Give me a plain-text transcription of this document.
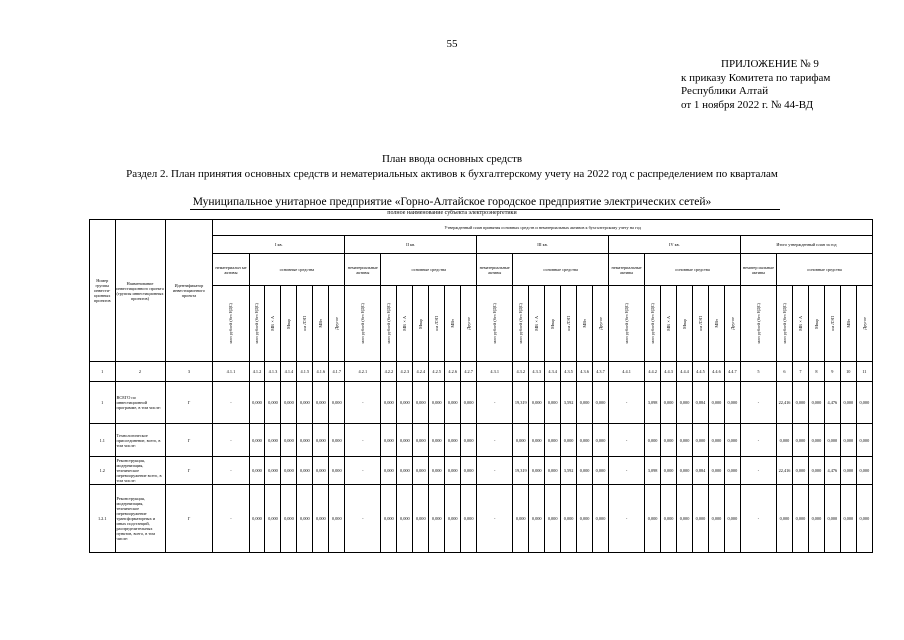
55
ПРИЛОЖЕНИЕ № 9
к приказу Комитета по тарифам
Республики Алтай
от 1 ноября 2022 г. № 44-ВД
План ввода основных средств
Раздел 2. План принятия основных средств и нематериальных активов к бухгалтерскому учету на 2022 год с распределением по кварталам
Муниципальное унитарное предприятие «Горно-Алтайское городское предприятие электрических сетей»
полное наименование субъекта электроэнергетики
Номер группы инвести-ционных проектов	Наименование инвестиционного проекта (группы инвестиционных проектов)	Идентификатор инвестиционного проекта	Утвержденный план принятия основных средств и нематериальных активов к бухгалтерскому учету на год																																		
			I кв.							II кв.							III кв.							IV кв.							Итого утвержденный план за год						
			нематериальн ые активы	основные средства						нематериальные активы	основные средства						нематериальные активы	основные средства						нематериальные активы	основные средства						нематер иальные активы	основные средства					

			млн рублей (без НДС)	млн рублей (без НДС)	МВ×А	Мвар	км ЛЭП	МВт	Другое	млн рублей (без НДС)	млн рублей (без НДС)	МВ×А	Мвар	км ЛЭП	МВт	Другое	млн рублей (без НДС)	млн рублей (без НДС)	МВ×А	Мвар	км ЛЭП	МВт	Другое	млн рублей (без НДС)	млн рублей (без НДС)	МВ×А	Мвар	км ЛЭП	МВт	Другое	млн рублей (без НДС)	млн рублей (без НДС)	МВ×А	Мвар	км ЛЭП	МВт	Другое

1	2	3	4.1.1	4.1.2	4.1.3	4.1.4	4.1.5	4.1.6	4.1.7	4.2.1	4.2.2	4.2.3	4.2.4	4.2.5	4.2.6	4.2.7	4.3.1	4.3.2	4.3.3	4.3.4	4.3.5	4.3.6	4.3.7	4.4.1	4.4.2	4.4.3	4.4.4	4.4.5	4.4.6	4.4.7	5	6	7	8	9	10	11
1	ВСЕГО по инвестиционной программе, в том числе:	Г	-	0,000	0,000	0,000	0,000	0,000	0,000	-	0,000	0,000	0,000	0,000	0,000	0,000	-	19,319	0,000	0,000	3,592	0,000	0,000	-	3,098	0,000	0,000	0,884	0,000	0,000	-	22,416	0,000	0,000	4,476	0,000	0,000
1.1	Технологическое присоединение, всего, в том числе:	Г	-	0,000	0,000	0,000	0,000	0,000	0,000	-	0,000	0,000	0,000	0,000	0,000	0,000	-	0,000	0,000	0,000	0,000	0,000	0,000	-	0,000	0,000	0,000	0,000	0,000	0,000	-	0,000	0,000	0,000	0,000	0,000	0,000
1.2	Реконструкция, модернизация, техническое перевооружение всего, в том числе:	Г	-	0,000	0,000	0,000	0,000	0,000	0,000	-	0,000	0,000	0,000	0,000	0,000	0,000	-	19,319	0,000	0,000	3,592	0,000	0,000	-	3,098	0,000	0,000	0,884	0,000	0,000	-	22,416	0,000	0,000	4,476	0,000	0,000
1.2.1	Реконструкция, модернизация, техническое перевооружение трансформаторных и иных подстанций, распределительных пунктов, всего, в том числе:	Г	-	0,000	0,000	0,000	0,000	0,000	0,000	-	0,000	0,000	0,000	0,000	0,000	0,000	-	0,000	0,000	0,000	0,000	0,000	0,000	-	0,000	0,000	0,000	0,000	0,000	0,000	-	0,000	0,000	0,000	0,000	0,000	0,000
